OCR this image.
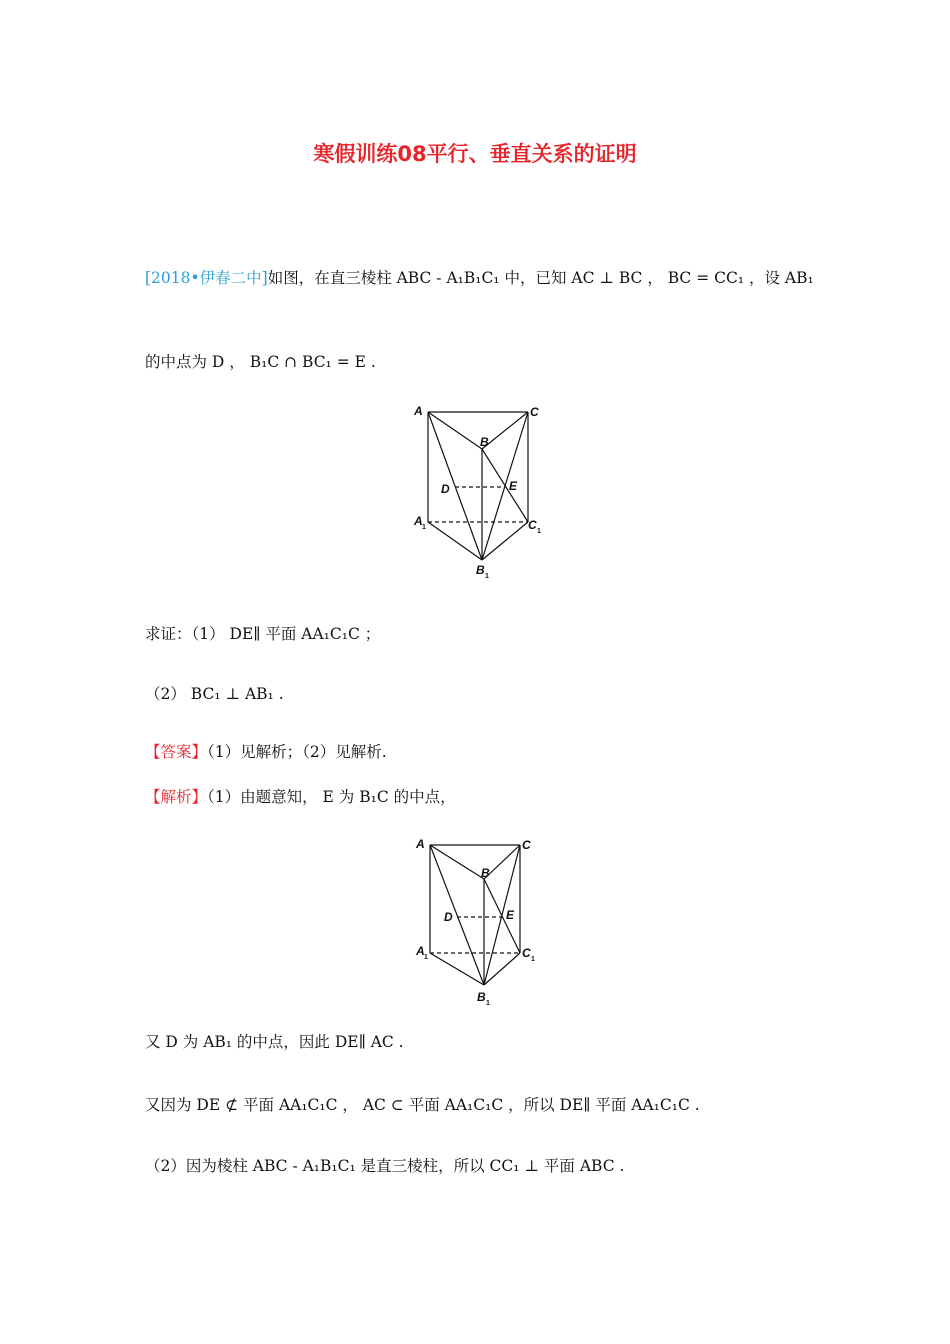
寒假训练08平行、垂直关系的证明
[2018•伊春二中]如图，在直三棱柱 ABC - A₁B₁C₁ 中，已知 AC ⊥ BC ， BC = CC₁ ，设 AB₁
的中点为 D ， B₁C ∩ BC₁ = E .
A	C
B
D	E
A 1	C 1
B 1
求证：（1） DE∥ 平面 AA₁C₁C ；
（2） BC₁ ⊥ AB₁ .
【答案】（1）见解析；（2）见解析.
【解析】（1）由题意知， E 为 B₁C 的中点，
A	C
B
D	E
A 1	C 1
B 1
又 D 为 AB₁ 的中点，因此 DE∥ AC .
又因为 DE ⊄ 平面 AA₁C₁C ， AC ⊂ 平面 AA₁C₁C ，所以 DE∥ 平面 AA₁C₁C .
（2）因为棱柱 ABC - A₁B₁C₁ 是直三棱柱，所以 CC₁ ⊥ 平面 ABC .
